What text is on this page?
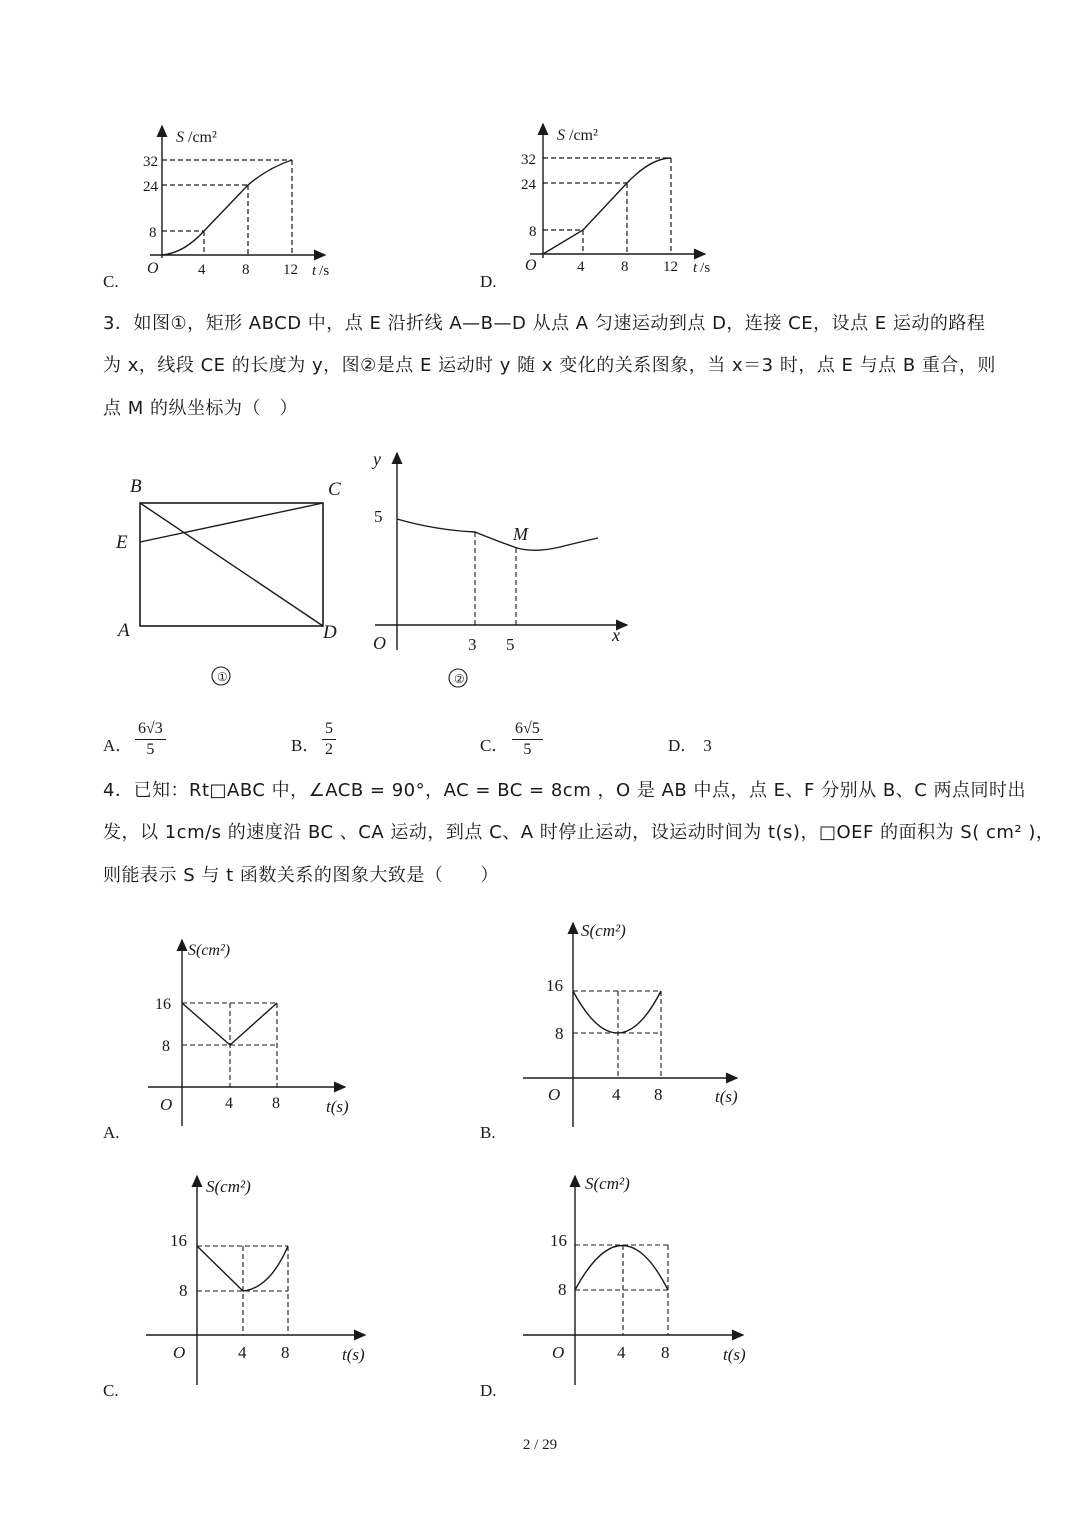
S /cm²
32
24
8
O	4 8 12 t /s
C.
S /cm²
32
24
8
O	4 8 12 t /s
D.
3．如图①，矩形 ABCD 中，点 E 沿折线 A—B—D 从点 A 匀速运动到点 D，连接 CE，设点 E 运动的路程
为 x，线段 CE 的长度为 y，图②是点 E 运动时 y 随 x 变化的关系图象，当 x＝3 时，点 E 与点 B 重合，则
点 M 的纵坐标为（　）
B	C
E
A	D
①
y
5
M
O	3 5	x
②
A． $\frac{6√3}{5}$	B． $\frac{5}{2}$	C． $\frac{6√5}{5}$	D． 3
4．已知：Rt□ABC 中，∠ACB = 90°，AC = BC = 8cm ，O 是 AB 中点，点 E、F 分别从 B、C 两点同时出
发，以 1cm/s 的速度沿 BC 、CA 运动，到点 C、A 时停止运动，设运动时间为 t(s)，□OEF 的面积为 S( cm² )，
则能表示 S 与 t 函数关系的图象大致是（　　）
S(cm²)
16
8
O	4 8	t(s)
A.
S(cm²)
16
8
O	4 8	t(s)
B.
S(cm²)
16
8
O	4 8	t(s)
C.
S(cm²)
16
8
O	4 8	t(s)
D.
2 / 29
